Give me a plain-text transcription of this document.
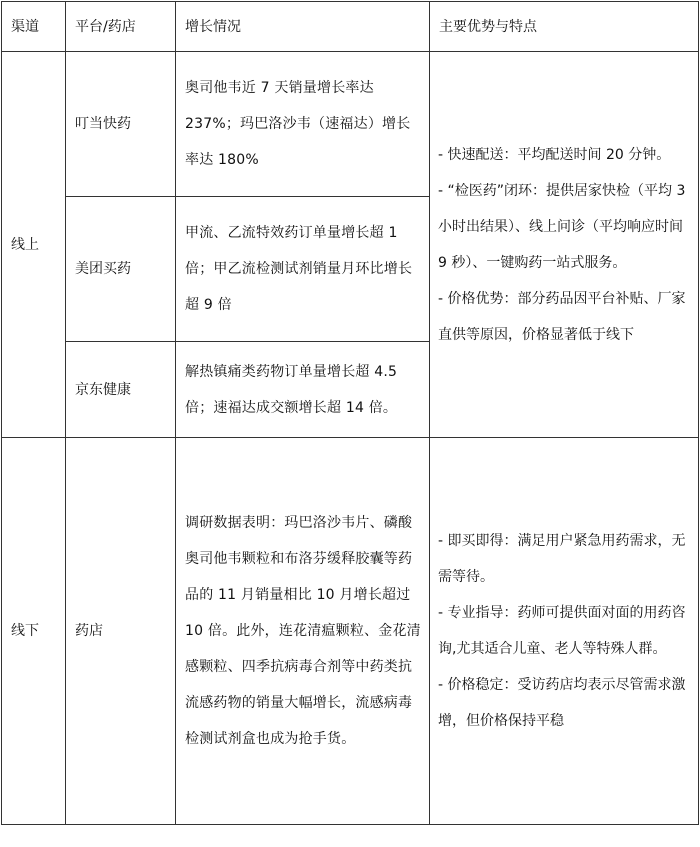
渠道	平台/药店	增长情况	主要优势与特点
线上	叮当快药	奥司他韦近 7 天销量增长率达 237%；玛巴洛沙韦（速福达）增长率达 180%	- 快速配送：平均配送时间 20 分钟。
- “检医药”闭环：提供居家快检（平均 3 小时出结果）、线上问诊（平均响应时间 9 秒）、一键购药一站式服务。
- 价格优势：部分药品因平台补贴、厂家直供等原因，价格显著低于线下

	美团买药	甲流、乙流特效药订单量增长超 1 倍；甲乙流检测试剂销量月环比增长超 9 倍	
	京东健康	解热镇痛类药物订单量增长超 4.5 倍；速福达成交额增长超 14 倍。	
线下	药店	调研数据表明：玛巴洛沙韦片、磷酸奥司他韦颗粒和布洛芬缓释胶囊等药品的 11 月销量相比 10 月增长超过 10 倍。此外，连花清瘟颗粒、金花清感颗粒、四季抗病毒合剂等中药类抗流感药物的销量大幅增长，流感病毒检测试剂盒也成为抢手货。	- 即买即得：满足用户紧急用药需求，无需等待。
- 专业指导：药师可提供面对面的用药咨询,尤其适合儿童、老人等特殊人群。
- 价格稳定：受访药店均表示尽管需求激增，但价格保持平稳
